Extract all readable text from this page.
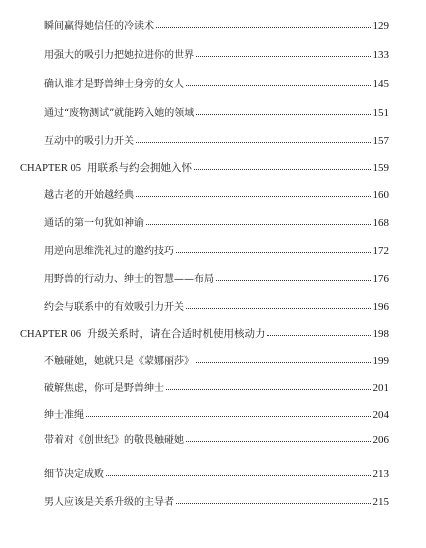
瞬间赢得她信任的冷读术	129
用强大的吸引力把她拉进你的世界	133
确认谁才是野兽绅士身旁的女人	145
通过“废物测试”就能跨入她的领域	151
互动中的吸引力开关	157
CHAPTER 05 用联系与约会拥她入怀	159
越古老的开始越经典	160
通话的第一句犹如神谕	168
用逆向思维洗礼过的邀约技巧	172
用野兽的行动力、绅士的智慧——布局	176
约会与联系中的有效吸引力开关	196
CHAPTER 06 升级关系时，请在合适时机使用核动力	198
不触碰她，她就只是《蒙娜丽莎》	199
破解焦虑，你可是野兽绅士	201
绅士准绳	204
带着对《创世纪》的敬畏触碰她	206
细节决定成败	213
男人应该是关系升级的主导者	215
